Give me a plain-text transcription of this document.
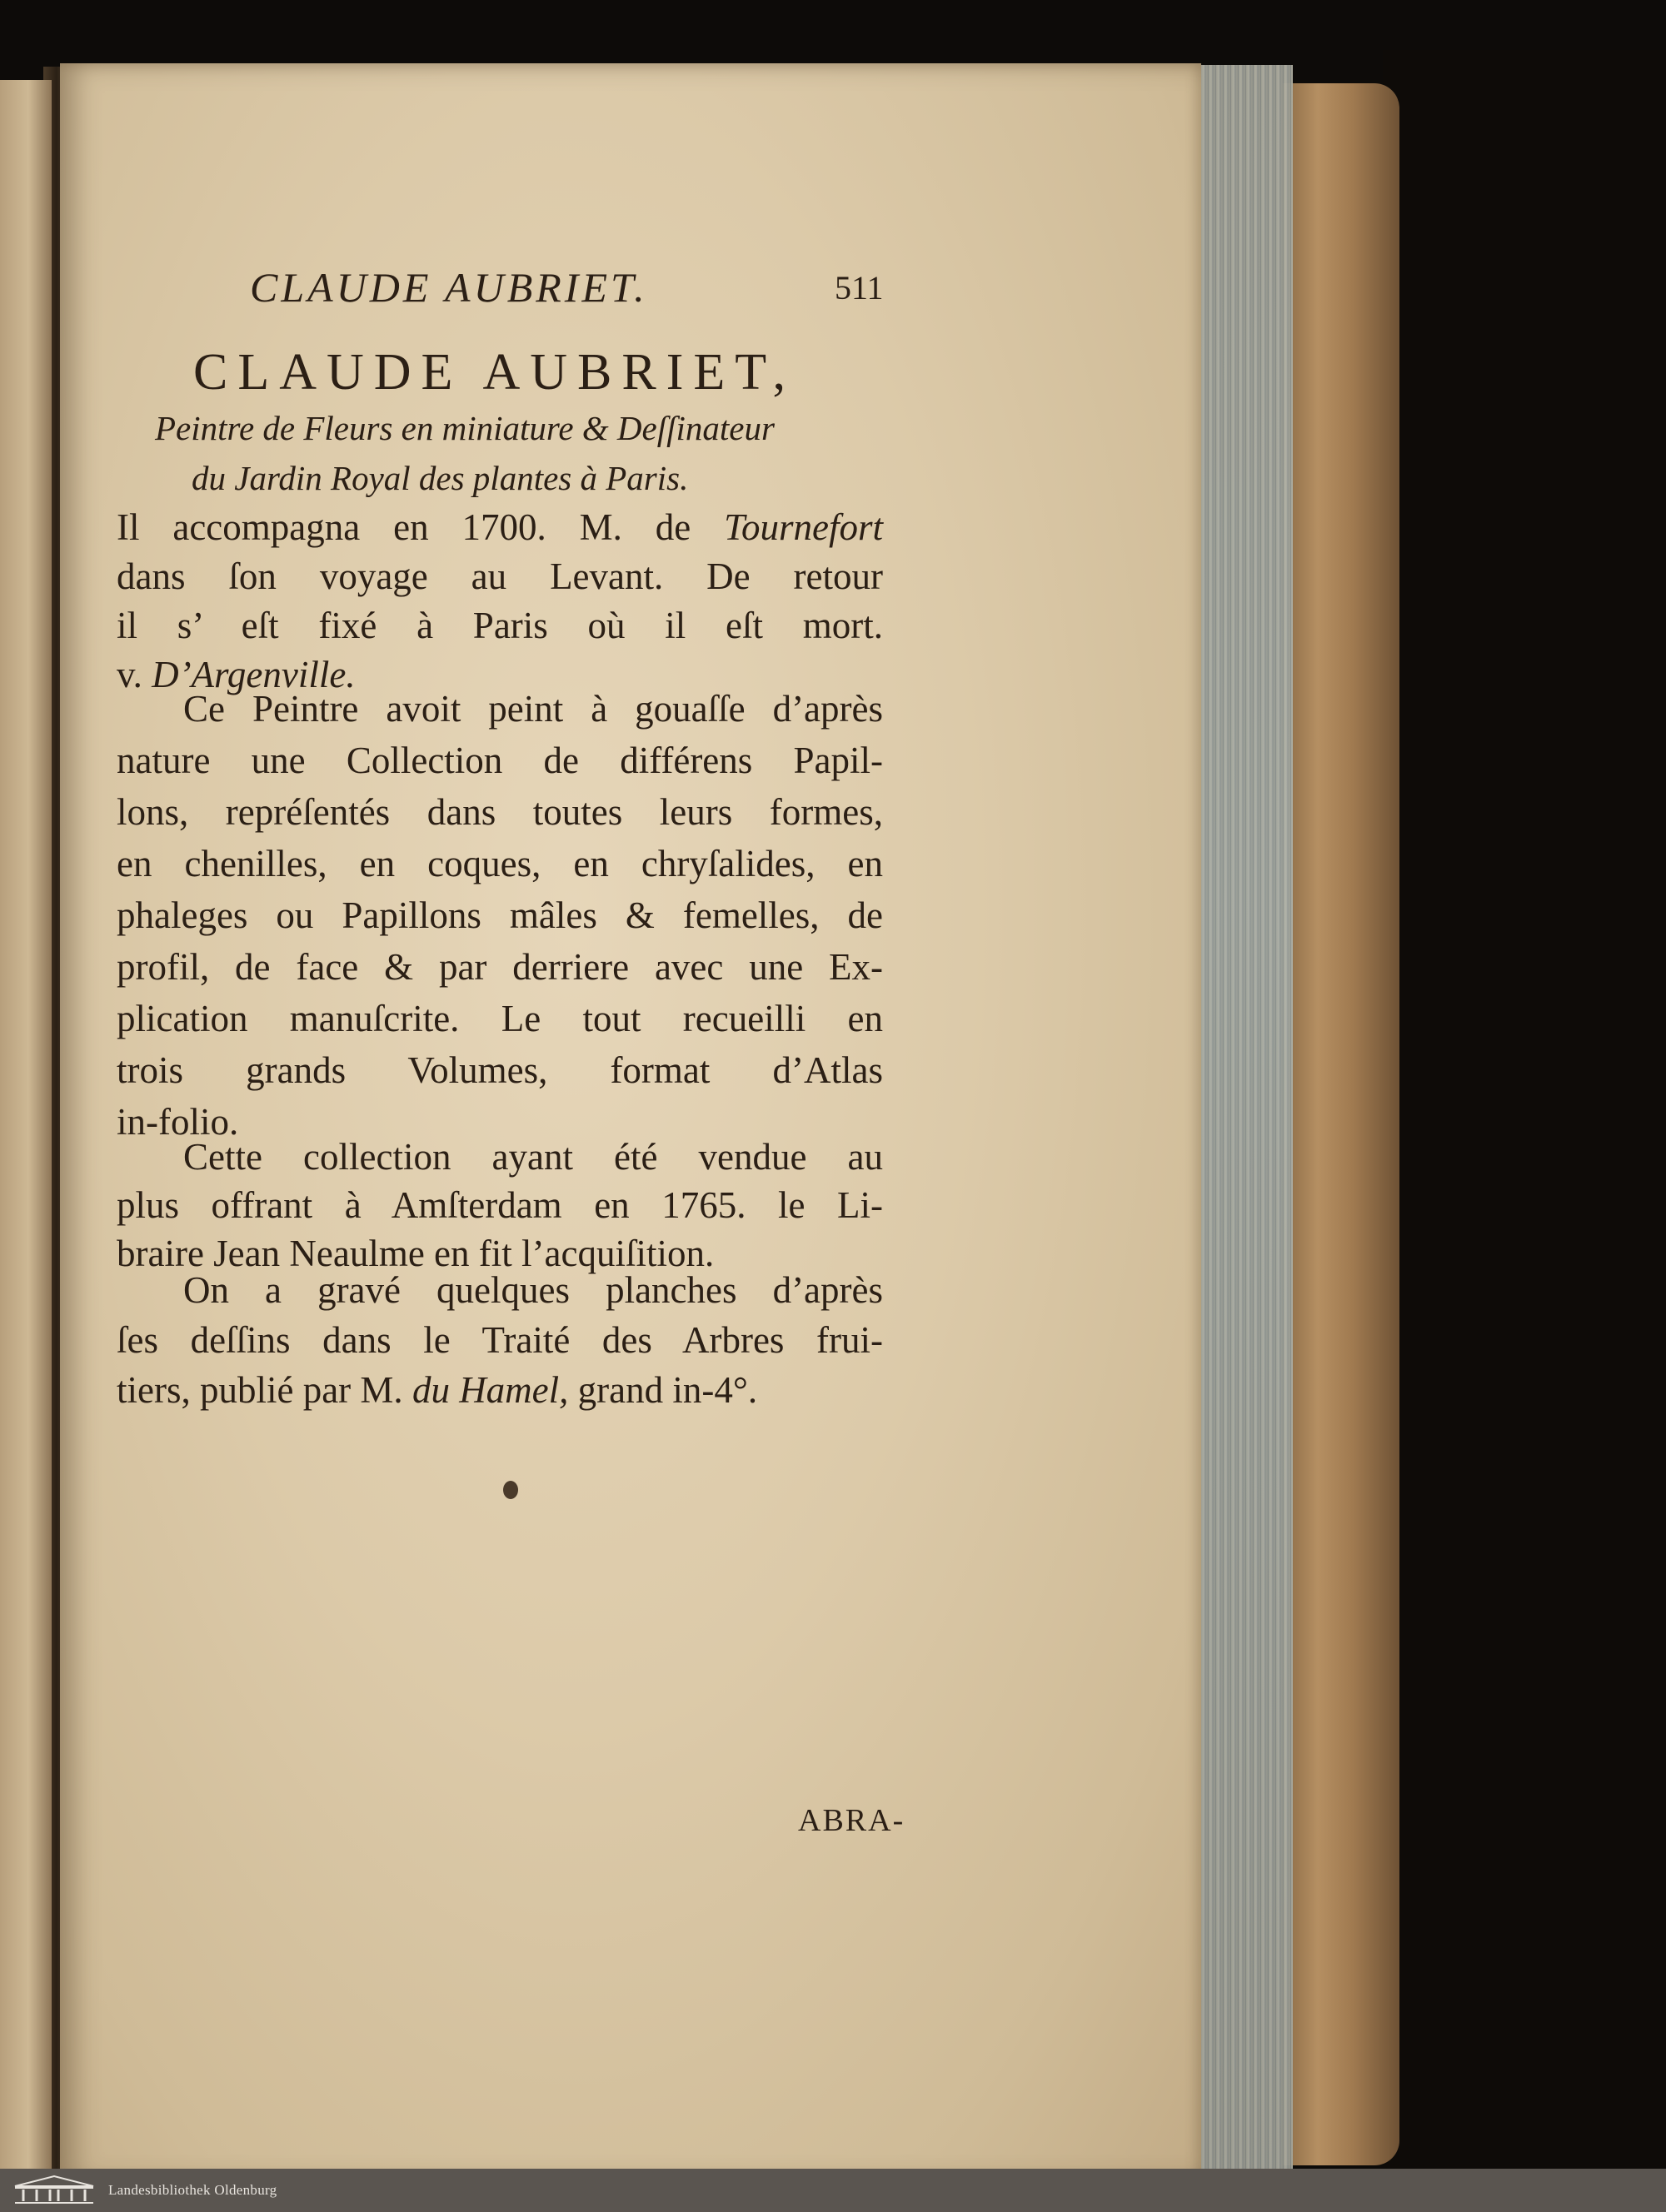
CLAUDE AUBRIET.	511
CLAUDE AUBRIET,
Peintre de Fleurs en miniature & Deſſinateur
du Jardin Royal des plantes à Paris.
Il accompagna en 1700. M. de Tournefort
dans ſon voyage au Levant. De retour
il s’ eſt fixé à Paris où il eſt mort.
v. D’Argenville.
Ce Peintre avoit peint à gouaſſe d’après
nature une Collection de différens Papil-
lons, repréſentés dans toutes leurs formes,
en chenilles, en coques, en chryſalides, en
phaleges ou Papillons mâles & femelles, de
profil, de face & par derriere avec une Ex-
plication manuſcrite. Le tout recueilli en
trois grands Volumes, format d’Atlas
in-folio.
Cette collection ayant été vendue au
plus offrant à Amſterdam en 1765. le Li-
braire Jean Neaulme en fit l’acquiſition.
On a gravé quelques planches d’après
ſes deſſins dans le Traité des Arbres frui-
tiers, publié par M. du Hamel, grand in-4°.
ABRA-
Landesbibliothek Oldenburg
